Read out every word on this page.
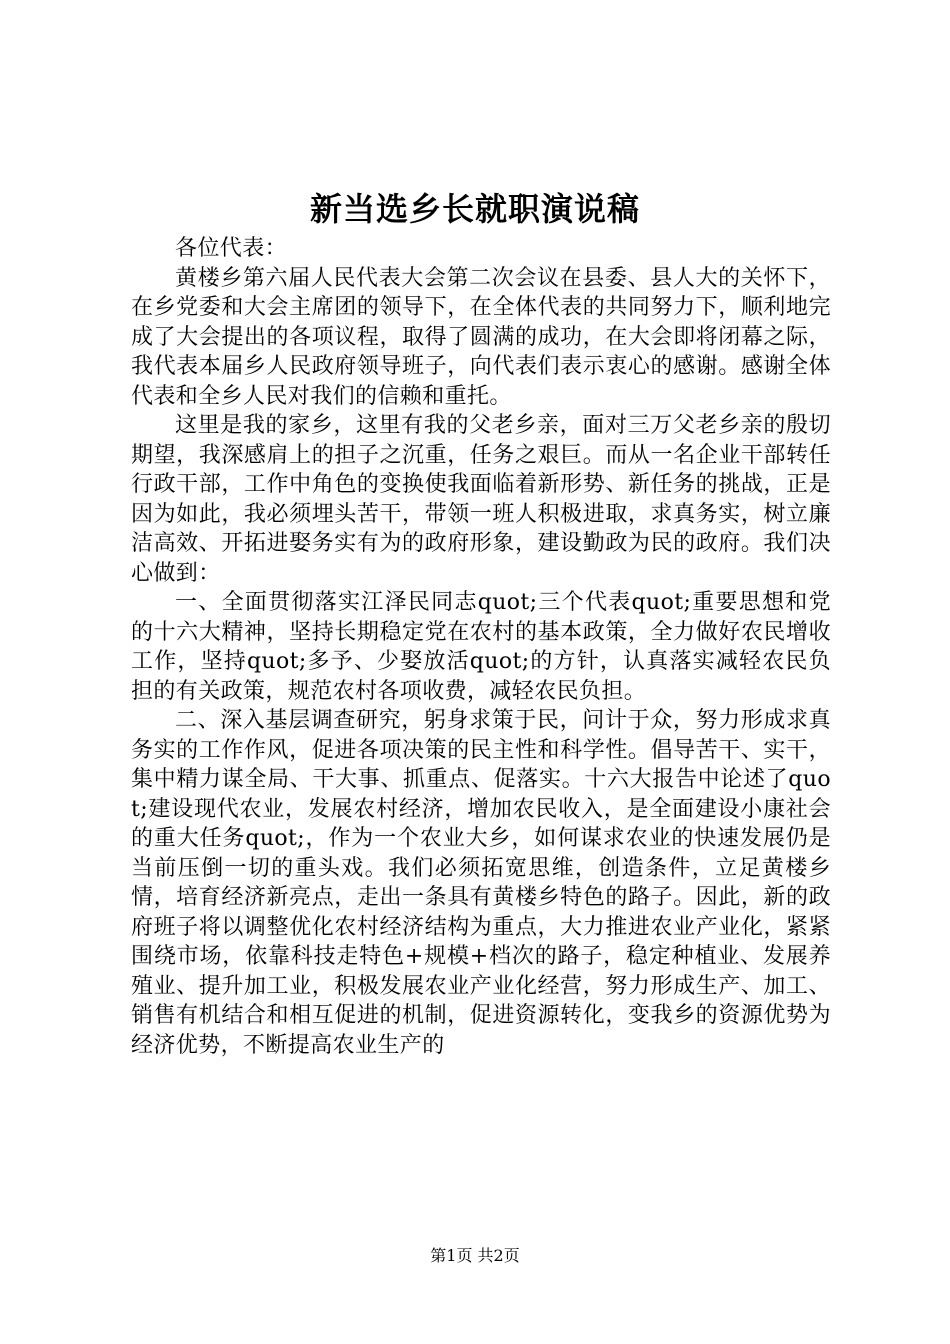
新当选乡长就职演说稿

各位代表：

黄楼乡第六届人民代表大会第二次会议在县委、县人大的关怀下，在乡党委和大会主席团的领导下，在全体代表的共同努力下，顺利地完成了大会提出的各项议程，取得了圆满的成功，在大会即将闭幕之际，我代表本届乡人民政府领导班子，向代表们表示衷心的感谢。感谢全体代表和全乡人民对我们的信赖和重托。

这里是我的家乡，这里有我的父老乡亲，面对三万父老乡亲的殷切期望，我深感肩上的担子之沉重，任务之艰巨。而从一名企业干部转任行政干部，工作中角色的变换使我面临着新形势、新任务的挑战，正是因为如此，我必须埋头苦干，带领一班人积极进取，求真务实，树立廉洁高效、开拓进娶务实有为的政府形象，建设勤政为民的政府。我们决心做到：

一、全面贯彻落实江泽民同志quot;三个代表quot;重要思想和党的十六大精神，坚持长期稳定党在农村的基本政策，全力做好农民增收工作，坚持quot;多予、少娶放活quot;的方针，认真落实减轻农民负担的有关政策，规范农村各项收费，减轻农民负担。

二、深入基层调查研究，躬身求策于民，问计于众，努力形成求真务实的工作作风，促进各项决策的民主性和科学性。倡导苦干、实干，集中精力谋全局、干大事、抓重点、促落实。十六大报告中论述了quot;建设现代农业，发展农村经济，增加农民收入，是全面建设小康社会的重大任务quot;，作为一个农业大乡，如何谋求农业的快速发展仍是当前压倒一切的重头戏。我们必须拓宽思维，创造条件，立足黄楼乡情，培育经济新亮点，走出一条具有黄楼乡特色的路子。因此，新的政府班子将以调整优化农村经济结构为重点，大力推进农业产业化，紧紧围绕市场，依靠科技走特色+规模+档次的路子，稳定种植业、发展养殖业、提升加工业，积极发展农业产业化经营，努力形成生产、加工、销售有机结合和相互促进的机制，促进资源转化，变我乡的资源优势为经济优势，不断提高农业生产的

第1页 共2页
